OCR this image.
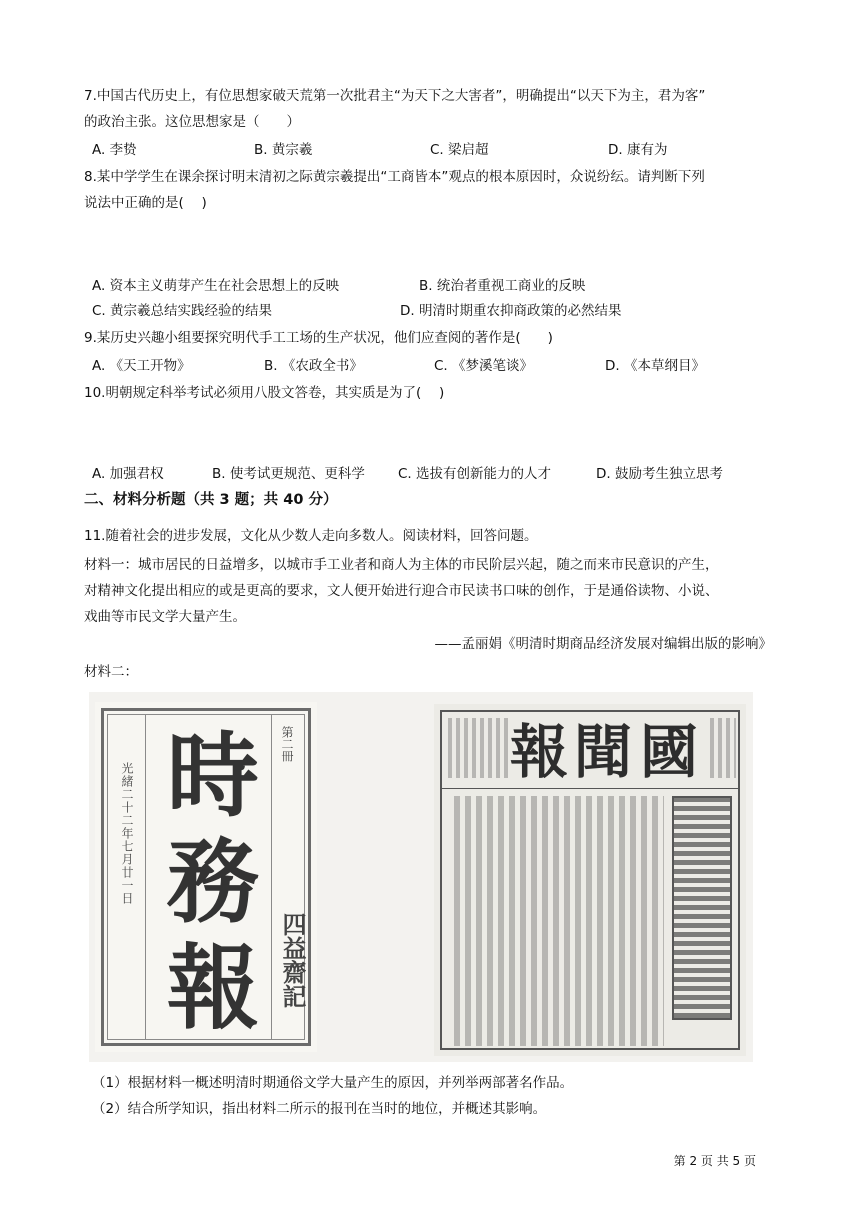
7.中国古代历史上，有位思想家破天荒第一次批君主“为天下之大害者”，明确提出“以天下为主，君为客”
的政治主张。这位思想家是（　　）
A. 李贽	B. 黄宗羲	C. 梁启超	D. 康有为
8.某中学学生在课余探讨明末清初之际黄宗羲提出“工商皆本”观点的根本原因时，众说纷纭。请判断下列
说法中正确的是(　 )
A. 资本主义萌芽产生在社会思想上的反映	B. 统治者重视工商业的反映
C. 黄宗羲总结实践经验的结果	D. 明清时期重农抑商政策的必然结果
9.某历史兴趣小组要探究明代手工工场的生产状况，他们应查阅的著作是(　　)
A. 《天工开物》	B. 《农政全书》	C. 《梦溪笔谈》	D. 《本草纲目》
10.明朝规定科举考试必须用八股文答卷，其实质是为了(　 )
A. 加强君权	B. 使考试更规范、更科学 C. 选拔有创新能力的人才	D. 鼓励考生独立思考
二、材料分析题（共 3 题；共 40 分）
11.随着社会的进步发展，文化从少数人走向多数人。阅读材料，回答问题。
材料一：城市居民的日益增多，以城市手工业者和商人为主体的市民阶层兴起，随之而来市民意识的产生，
对精神文化提出相应的或是更高的要求，文人便开始进行迎合市民读书口味的创作，于是通俗读物、小说、
戏曲等市民文学大量产生。
——孟丽娟《明清时期商品经济发展对编辑出版的影响》
材料二：
光緒二十二年七月廿一日
第二冊
四益齋記
時
務
報
報 聞 國
（1）根据材料一概述明清时期通俗文学大量产生的原因，并列举两部著名作品。
（2）结合所学知识，指出材料二所示的报刊在当时的地位，并概述其影响。
第 2 页 共 5 页
